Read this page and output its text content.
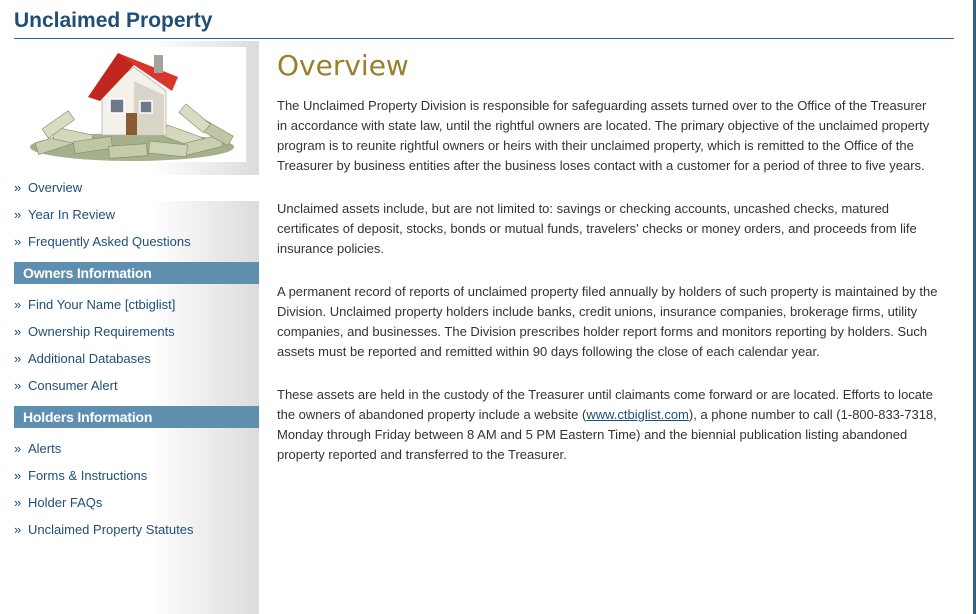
Unclaimed Property
» Overview
» Year In Review
» Frequently Asked Questions
Owners Information
» Find Your Name [ctbiglist]
» Ownership Requirements
» Additional Databases
» Consumer Alert
Holders Information
» Alerts
» Forms & Instructions
» Holder FAQs
» Unclaimed Property Statutes
Overview

The Unclaimed Property Division is responsible for safeguarding assets turned over to the Office of the Treasurer in accordance with state law, until the rightful owners are located. The primary objective of the unclaimed property program is to reunite rightful owners or heirs with their unclaimed property, which is remitted to the Office of the Treasurer by business entities after the business loses contact with a customer for a period of three to five years.

Unclaimed assets include, but are not limited to: savings or checking accounts, uncashed checks, matured certificates of deposit, stocks, bonds or mutual funds, travelers' checks or money orders, and proceeds from life insurance policies.

A permanent record of reports of unclaimed property filed annually by holders of such property is maintained by the Division. Unclaimed property holders include banks, credit unions, insurance companies, brokerage firms, utility companies, and businesses. The Division prescribes holder report forms and monitors reporting by holders. Such assets must be reported and remitted within 90 days following the close of each calendar year.

These assets are held in the custody of the Treasurer until claimants come forward or are located. Efforts to locate the owners of abandoned property include a website (www.ctbiglist.com), a phone number to call (1-800-833-7318, Monday through Friday between 8 AM and 5 PM Eastern Time) and the biennial publication listing abandoned property reported and transferred to the Treasurer.
